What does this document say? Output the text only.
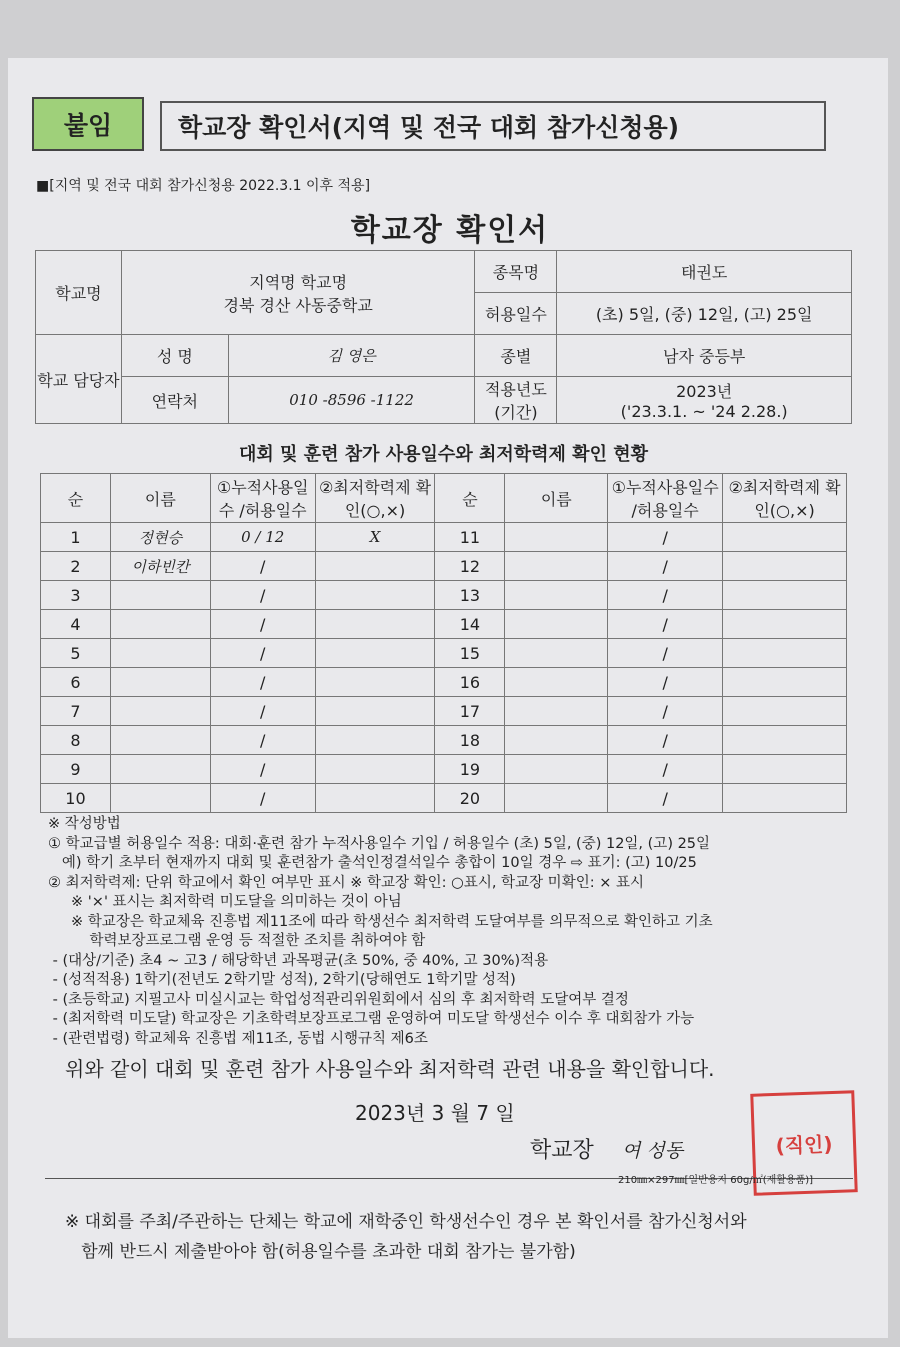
붙임	학교장 확인서(지역 및 전국 대회 참가신청용)
■[지역 및 전국 대회 참가신청용 2022.3.1 이후 적용]
학교장 확인서
학교명	지역명 학교명
경북 경산 사동중학교		종목명	태권도
			허용일수	(초) 5일, (중) 12일, (고) 25일
학교 담당자	성 명	김 영은	종별	남자 중등부
	연락처	010 -8596 -1122	적용년도 (기간)	2023년
('23.3.1. ~ '24 2.28.)
대회 및 훈련 참가 사용일수와 최저학력제 확인 현황
순	이름	①누적사용일수 /허용일수	②최저학력제 확인(○,×)	순	이름	①누적사용일수 /허용일수	②최저학력제 확인(○,×)
1	정현승	0 / 12	X	11		/	
2	이하빈칸	/		12		/	
3		/		13		/	
4		/		14		/	
5		/		15		/	
6		/		16		/	
7		/		17		/	
8		/		18		/	
9		/		19		/	
10		/		20		/	
※ 작성방법
① 학교급별 허용일수 적용: 대회·훈련 참가 누적사용일수 기입 / 허용일수 (초) 5일, (중) 12일, (고) 25일
예) 학기 초부터 현재까지 대회 및 훈련참가 출석인정결석일수 총합이 10일 경우 ⇨ 표기: (고) 10/25
② 최저학력제: 단위 학교에서 확인 여부만 표시 ※ 학교장 확인: ○표시, 학교장 미확인: × 표시
※ '×' 표시는 최저학력 미도달을 의미하는 것이 아님
※ 학교장은 학교체육 진흥법 제11조에 따라 학생선수 최저학력 도달여부를 의무적으로 확인하고 기초
학력보장프로그램 운영 등 적절한 조치를 취하여야 함
- (대상/기준) 초4 ~ 고3 / 해당학년 과목평균(초 50%, 중 40%, 고 30%)적용
- (성적적용) 1학기(전년도 2학기말 성적), 2학기(당해연도 1학기말 성적)
- (초등학교) 지필고사 미실시교는 학업성적관리위원회에서 심의 후 최저학력 도달여부 결정
- (최저학력 미도달) 학교장은 기초학력보장프로그램 운영하여 미도달 학생선수 이수 후 대회참가 가능
- (관련법령) 학교체육 진흥법 제11조, 동법 시행규칙 제6조
위와 같이 대회 및 훈련 참가 사용일수와 최저학력 관련 내용을 확인합니다.
2023년 3 월 7 일
학교장 여 성동	(직인)
210㎜×297㎜[일반용지 60g/㎡(재활용품)]
※ 대회를 주최/주관하는 단체는 학교에 재학중인 학생선수인 경우 본 확인서를 참가신청서와
함께 반드시 제출받아야 함(허용일수를 초과한 대회 참가는 불가함)
